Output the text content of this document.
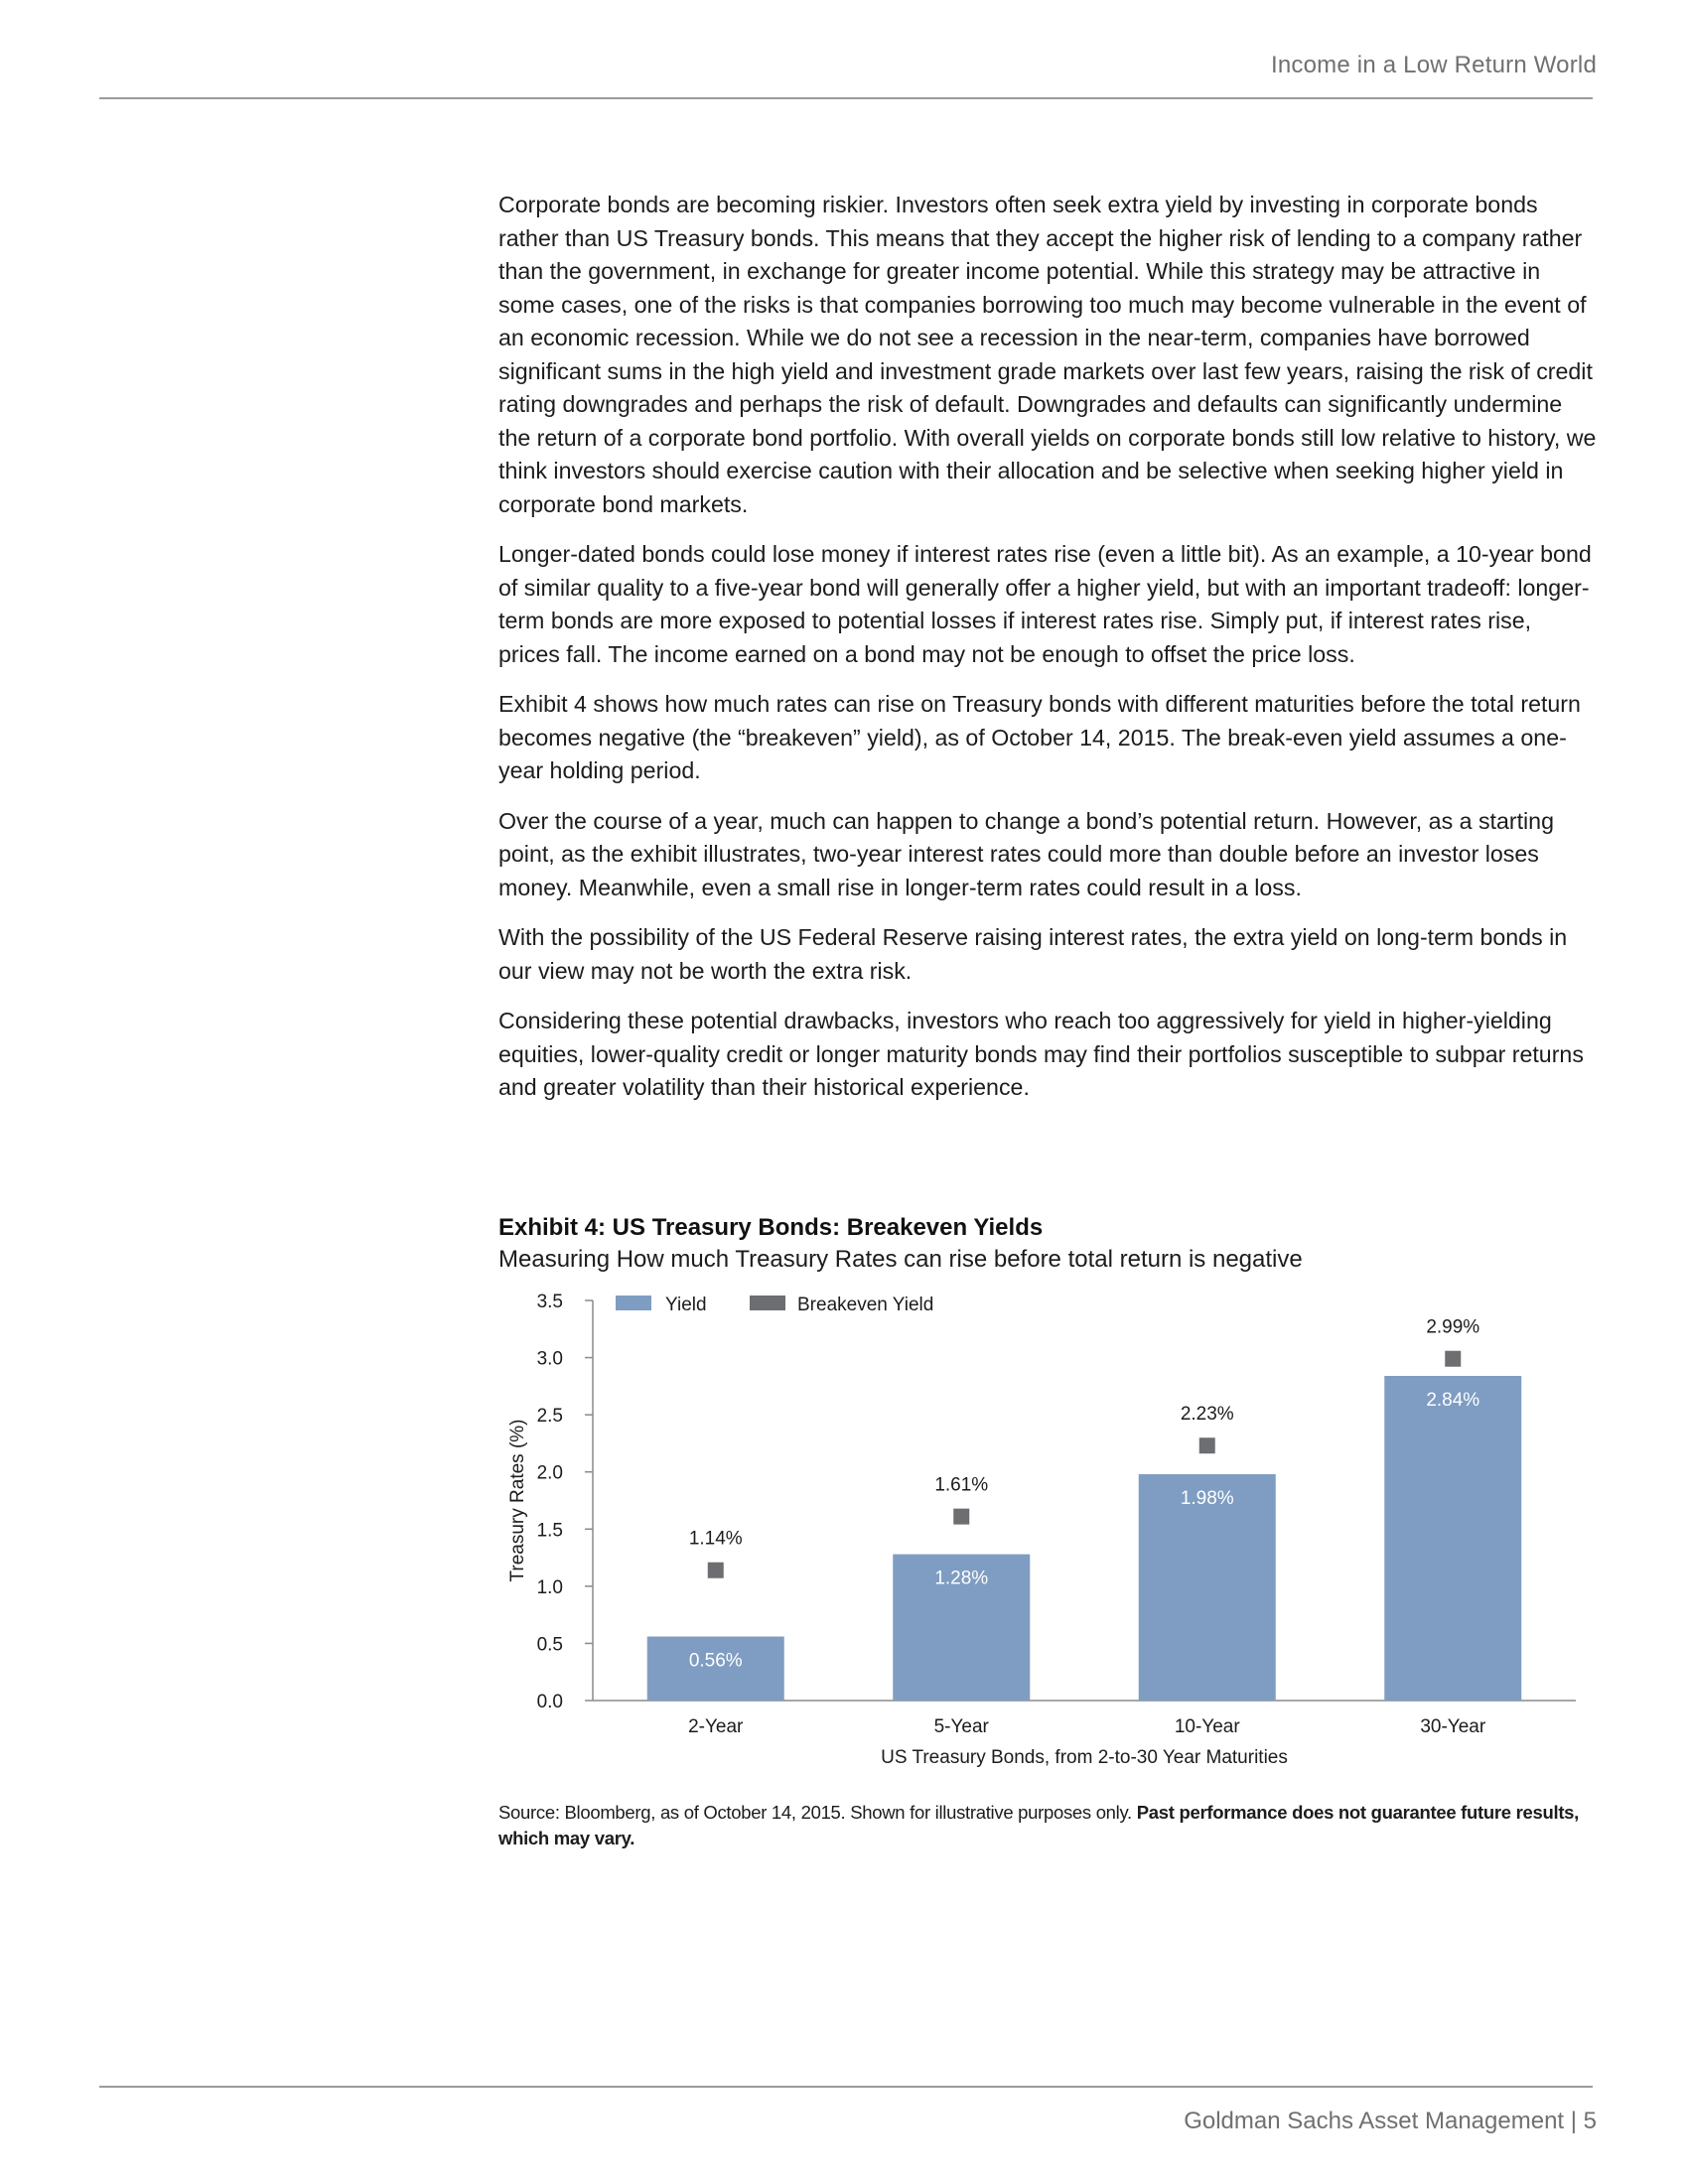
Income in a Low Return World

Corporate bonds are becoming riskier. Investors often seek extra yield by investing in corporate bonds rather than US Treasury bonds. This means that they accept the higher risk of lending to a company rather than the government, in exchange for greater income potential. While this strategy may be attractive in some cases, one of the risks is that companies borrowing too much may become vulnerable in the event of an economic recession. While we do not see a recession in the near-term, companies have borrowed significant sums in the high yield and investment grade markets over last few years, raising the risk of credit rating downgrades and perhaps the risk of default. Downgrades and defaults can significantly undermine the return of a corporate bond portfolio. With overall yields on corporate bonds still low relative to history, we think investors should exercise caution with their allocation and be selective when seeking higher yield in corporate bond markets.

Longer-dated bonds could lose money if interest rates rise (even a little bit). As an example, a 10-year bond of similar quality to a five-year bond will generally offer a higher yield, but with an important tradeoff: longer-term bonds are more exposed to potential losses if interest rates rise. Simply put, if interest rates rise, prices fall. The income earned on a bond may not be enough to offset the price loss.

Exhibit 4 shows how much rates can rise on Treasury bonds with different maturities before the total return becomes negative (the “breakeven” yield), as of October 14, 2015. The break-even yield assumes a one-year holding period.

Over the course of a year, much can happen to change a bond’s potential return. However, as a starting point, as the exhibit illustrates, two-year interest rates could more than double before an investor loses money. Meanwhile, even a small rise in longer-term rates could result in a loss.

With the possibility of the US Federal Reserve raising interest rates, the extra yield on long-term bonds in our view may not be worth the extra risk.

Considering these potential drawbacks, investors who reach too aggressively for yield in higher-yielding equities, lower-quality credit or longer maturity bonds may find their portfolios susceptible to subpar returns and greater volatility than their historical experience.

Exhibit 4: US Treasury Bonds: Breakeven Yields
Measuring How much Treasury Rates can rise before total return is negative
0.0
0.5
1.0
1.5
2.0
2.5
3.0
3.5
Treasury Rates (%)
0.56%
1.14%
2-Year
1.28%
1.61%
5-Year
1.98%
2.23%
10-Year
2.84%
2.99%
30-Year
US Treasury Bonds, from 2-to-30 Year Maturities
Yield	Breakeven Yield
Source: Bloomberg, as of October 14, 2015. Shown for illustrative purposes only. Past performance does not guarantee future results, which may vary.
Goldman Sachs Asset Management | 5
